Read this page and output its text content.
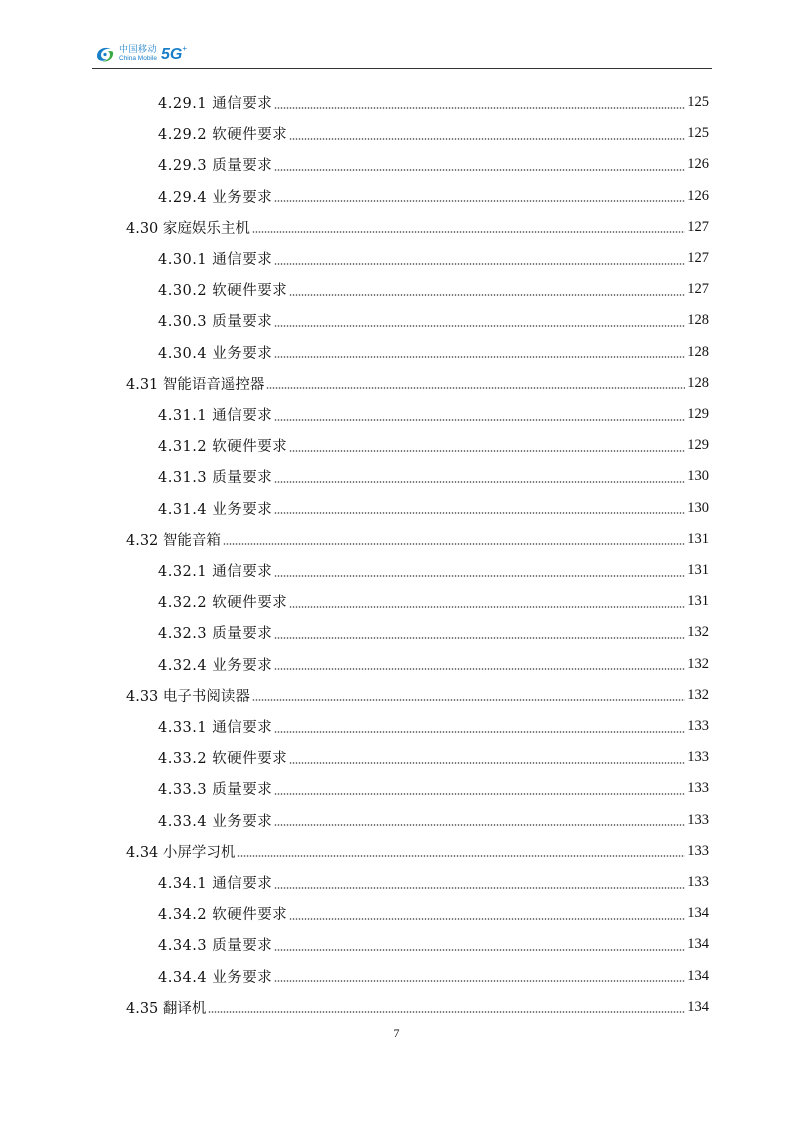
中国移动
China Mobile 5G +
4.29.1 通信要求	125
4.29.2 软硬件要求	125
4.29.3 质量要求	126
4.29.4 业务要求	126
4.30 家庭娱乐主机	127
4.30.1 通信要求	127
4.30.2 软硬件要求	127
4.30.3 质量要求	128
4.30.4 业务要求	128
4.31 智能语音遥控器	128
4.31.1 通信要求	129
4.31.2 软硬件要求	129
4.31.3 质量要求	130
4.31.4 业务要求	130
4.32 智能音箱	131
4.32.1 通信要求	131
4.32.2 软硬件要求	131
4.32.3 质量要求	132
4.32.4 业务要求	132
4.33 电子书阅读器	132
4.33.1 通信要求	133
4.33.2 软硬件要求	133
4.33.3 质量要求	133
4.33.4 业务要求	133
4.34 小屏学习机	133
4.34.1 通信要求	133
4.34.2 软硬件要求	134
4.34.3 质量要求	134
4.34.4 业务要求	134
4.35 翻译机	134
7
